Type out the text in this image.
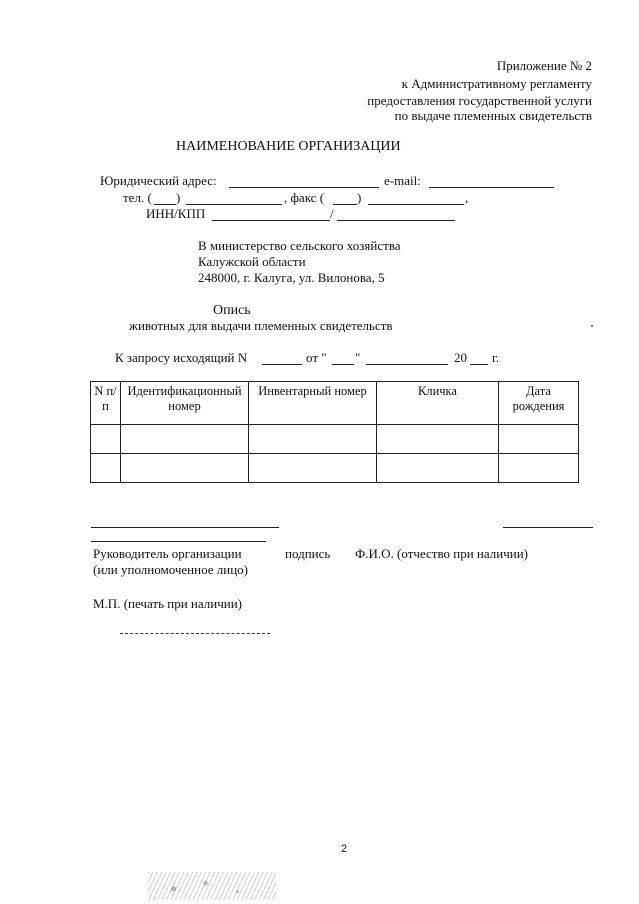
Приложение № 2
к Административному регламенту
предоставления государственной услуги
по выдаче племенных свидетельств
НАИМЕНОВАНИЕ ОРГАНИЗАЦИИ
Юридический адрес:	e-mail:
тел. ( )	, факс (	)	,
ИНН/КПП	/
В министерство сельского хозяйства
Калужской области
248000, г. Калуга, ул. Вилонова, 5
Опись
животных для выдачи племенных свидетельств
К запросу исходящий N	от " "	20 г.
N п/п	Идентификационный номер	Инвентарный номер	Кличка	Дата рождения

Руководитель организации
(или уполномоченное лицо)
подпись Ф.И.О. (отчество при наличии)
М.П. (печать при наличии)
2
